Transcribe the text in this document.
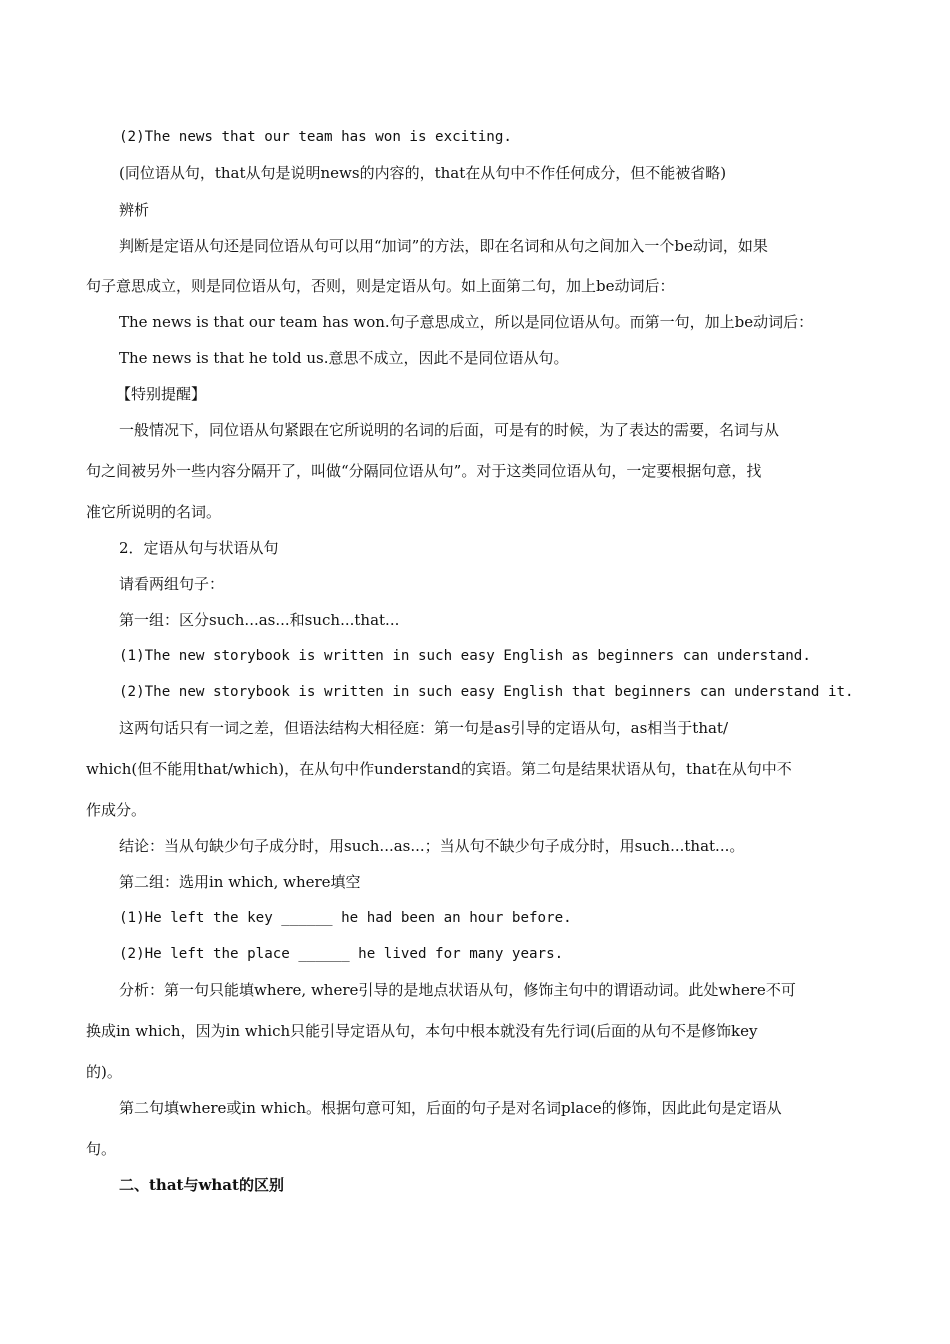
(2)The news that our team has won is exciting.
(同位语从句，that从句是说明news的内容的，that在从句中不作任何成分，但不能被省略)
辨析
判断是定语从句还是同位语从句可以用“加词”的方法，即在名词和从句之间加入一个be动词，如果
句子意思成立，则是同位语从句，否则，则是定语从句。如上面第二句，加上be动词后：
The news is that our team has won.句子意思成立，所以是同位语从句。而第一句，加上be动词后：
The news is that he told us.意思不成立，因此不是同位语从句。
【特别提醒】
一般情况下，同位语从句紧跟在它所说明的名词的后面，可是有的时候，为了表达的需要，名词与从
句之间被另外一些内容分隔开了，叫做“分隔同位语从句”。对于这类同位语从句，一定要根据句意，找
准它所说明的名词。
2．定语从句与状语从句
请看两组句子：
第一组：区分such...as...和such...that...
(1)The new storybook is written in such easy English as beginners can understand.
(2)The new storybook is written in such easy English that beginners can understand it.
这两句话只有一词之差，但语法结构大相径庭：第一句是as引导的定语从句，as相当于that/
which(但不能用that/which)，在从句中作understand的宾语。第二句是结果状语从句，that在从句中不
作成分。
结论：当从句缺少句子成分时，用such...as...；当从句不缺少句子成分时，用such...that...。
第二组：选用in which, where填空
(1)He left the key ______ he had been an hour before.
(2)He left the place ______ he lived for many years.
分析：第一句只能填where, where引导的是地点状语从句，修饰主句中的谓语动词。此处where不可
换成in which，因为in which只能引导定语从句，本句中根本就没有先行词(后面的从句不是修饰key
的)。
第二句填where或in which。根据句意可知，后面的句子是对名词place的修饰，因此此句是定语从
句。
二、that与what的区别
